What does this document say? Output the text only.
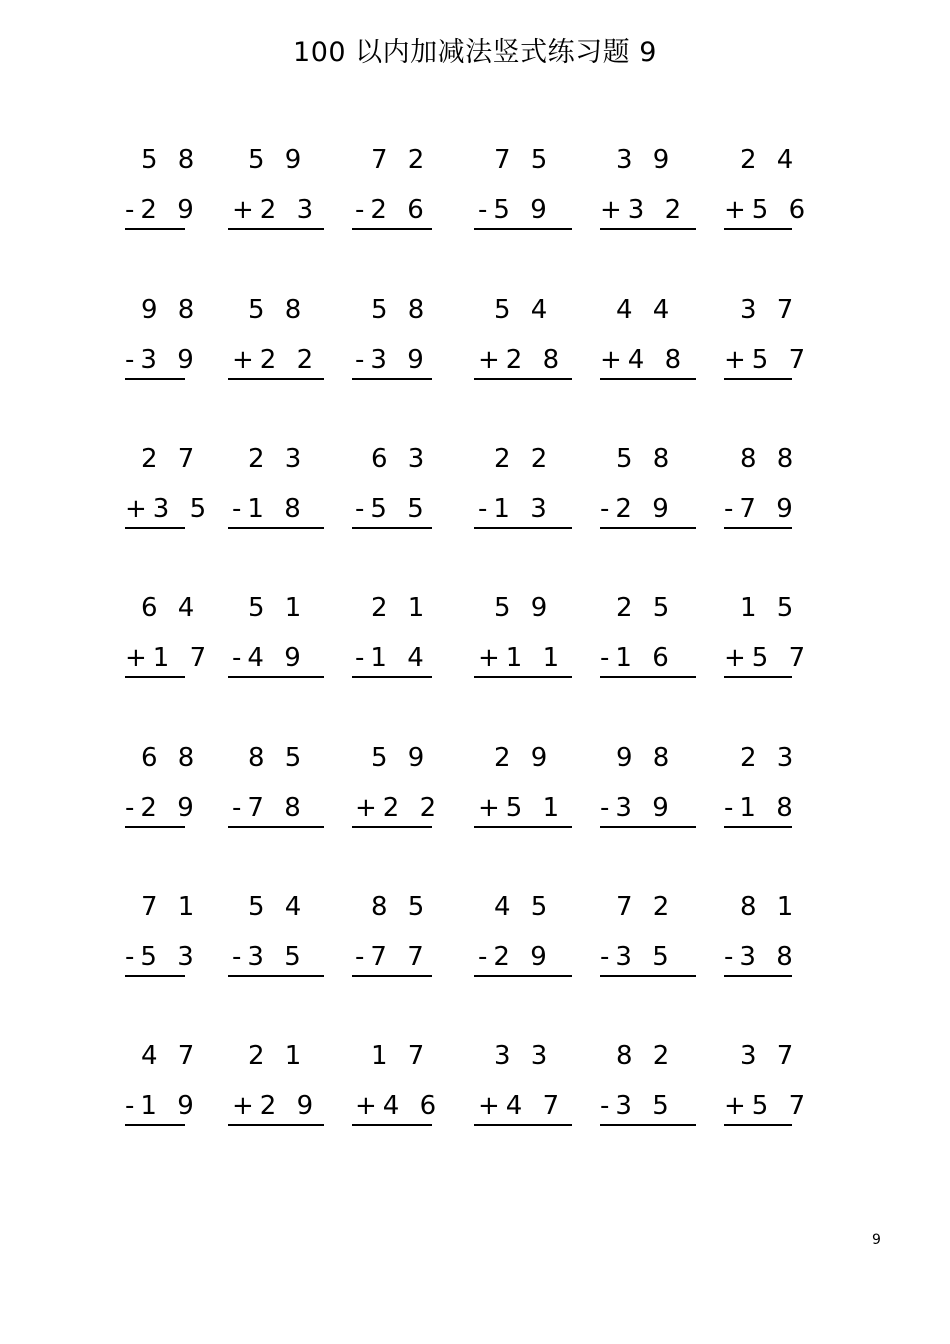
100 以内加减法竖式练习题 9
5 8
-2 9
5 9
+2 3
7 2
-2 6
7 5
-5 9
3 9
+3 2
2 4
+5 6
9 8
-3 9
5 8
+2 2
5 8
-3 9
5 4
+2 8
4 4
+4 8
3 7
+5 7
2 7
+3 5
2 3
-1 8
6 3
-5 5
2 2
-1 3
5 8
-2 9
8 8
-7 9
6 4
+1 7
5 1
-4 9
2 1
-1 4
5 9
+1 1
2 5
-1 6
1 5
+5 7
6 8
-2 9
8 5
-7 8
5 9
+2 2
2 9
+5 1
9 8
-3 9
2 3
-1 8
7 1
-5 3
5 4
-3 5
8 5
-7 7
4 5
-2 9
7 2
-3 5
8 1
-3 8
4 7
-1 9
2 1
+2 9
1 7
+4 6
3 3
+4 7
8 2
-3 5
3 7
+5 7
9
